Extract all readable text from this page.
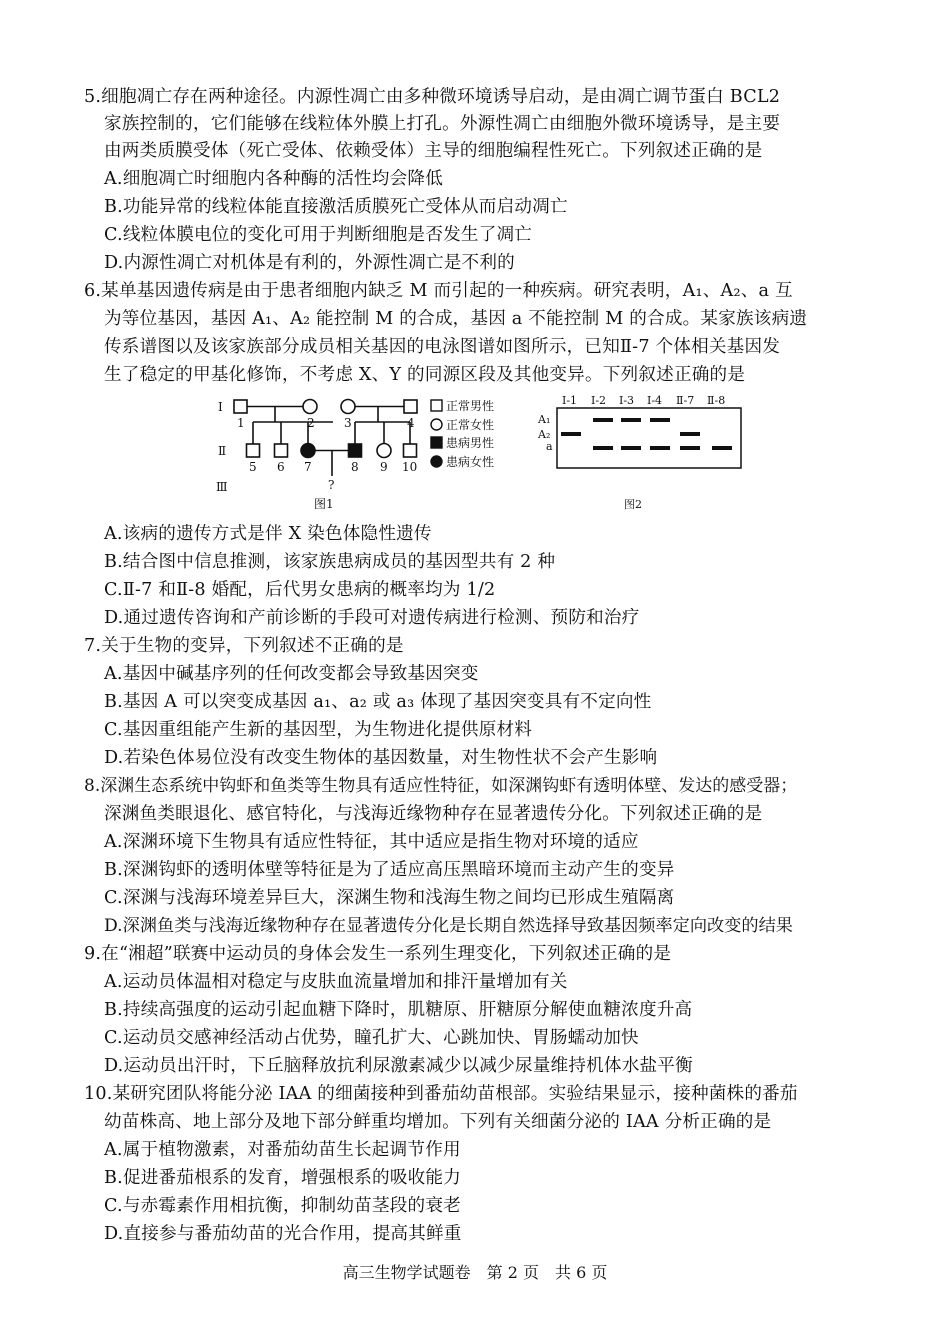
5.细胞凋亡存在两种途径。内源性凋亡由多种微环境诱导启动，是由凋亡调节蛋白 BCL2
家族控制的，它们能够在线粒体外膜上打孔。外源性凋亡由细胞外微环境诱导，是主要
由两类质膜受体（死亡受体、依赖受体）主导的细胞编程性死亡。下列叙述正确的是
A.细胞凋亡时细胞内各种酶的活性均会降低
B.功能异常的线粒体能直接激活质膜死亡受体从而启动凋亡
C.线粒体膜电位的变化可用于判断细胞是否发生了凋亡
D.内源性凋亡对机体是有利的，外源性凋亡是不利的
6.某单基因遗传病是由于患者细胞内缺乏 M 而引起的一种疾病。研究表明，A₁、A₂、a 互
为等位基因，基因 A₁、A₂ 能控制 M 的合成，基因 a 不能控制 M 的合成。某家族该病遗
传系谱图以及该家族部分成员相关基因的电泳图谱如图所示，已知Ⅱ-7 个体相关基因发
生了稳定的甲基化修饰，不考虑 X、Y 的同源区段及其他变异。下列叙述正确的是
Ⅰ
Ⅱ
Ⅲ
1	2 3	4
5 6 7	8 9 10
?
图1
正常男性
正常女性
患病男性
患病女性
Ⅰ-1 Ⅰ-2 Ⅰ-3 Ⅰ-4 Ⅱ-7 Ⅱ-8
A₁
A₂
a
图2
A.该病的遗传方式是伴 X 染色体隐性遗传
B.结合图中信息推测，该家族患病成员的基因型共有 2 种
C.Ⅱ-7 和Ⅱ-8 婚配，后代男女患病的概率均为 1/2
D.通过遗传咨询和产前诊断的手段可对遗传病进行检测、预防和治疗
7.关于生物的变异，下列叙述不正确的是
A.基因中碱基序列的任何改变都会导致基因突变
B.基因 A 可以突变成基因 a₁、a₂ 或 a₃ 体现了基因突变具有不定向性
C.基因重组能产生新的基因型，为生物进化提供原材料
D.若染色体易位没有改变生物体的基因数量，对生物性状不会产生影响
8.深渊生态系统中钩虾和鱼类等生物具有适应性特征，如深渊钩虾有透明体壁、发达的感受器；
深渊鱼类眼退化、感官特化，与浅海近缘物种存在显著遗传分化。下列叙述正确的是
A.深渊环境下生物具有适应性特征，其中适应是指生物对环境的适应
B.深渊钩虾的透明体壁等特征是为了适应高压黑暗环境而主动产生的变异
C.深渊与浅海环境差异巨大，深渊生物和浅海生物之间均已形成生殖隔离
D.深渊鱼类与浅海近缘物种存在显著遗传分化是长期自然选择导致基因频率定向改变的结果
9.在“湘超”联赛中运动员的身体会发生一系列生理变化，下列叙述正确的是
A.运动员体温相对稳定与皮肤血流量增加和排汗量增加有关
B.持续高强度的运动引起血糖下降时，肌糖原、肝糖原分解使血糖浓度升高
C.运动员交感神经活动占优势，瞳孔扩大、心跳加快、胃肠蠕动加快
D.运动员出汗时，下丘脑释放抗利尿激素减少以减少尿量维持机体水盐平衡
10.某研究团队将能分泌 IAA 的细菌接种到番茄幼苗根部。实验结果显示，接种菌株的番茄
幼苗株高、地上部分及地下部分鲜重均增加。下列有关细菌分泌的 IAA 分析正确的是
A.属于植物激素，对番茄幼苗生长起调节作用
B.促进番茄根系的发育，增强根系的吸收能力
C.与赤霉素作用相抗衡，抑制幼苗茎段的衰老
D.直接参与番茄幼苗的光合作用，提高其鲜重
高三生物学试题卷　第 2 页　共 6 页
